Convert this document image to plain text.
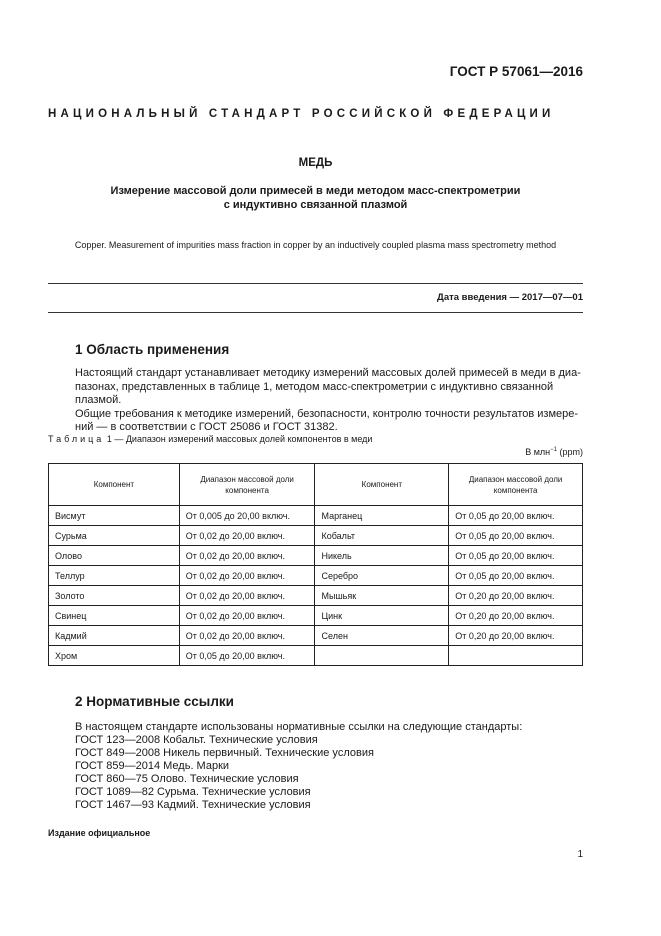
ГОСТ Р 57061—2016
НАЦИОНАЛЬНЫЙ СТАНДАРТ РОССИЙСКОЙ ФЕДЕРАЦИИ
МЕДЬ
Измерение массовой доли примесей в меди методом масс-спектрометрии
с индуктивно связанной плазмой
Copper. Measurement of impurities mass fraction in copper by an inductively coupled plasma mass spectrometry method
Дата введения — 2017—07—01
1 Область применения
Настоящий стандарт устанавливает методику измерений массовых долей примесей в меди в диа-
пазонах, представленных в таблице 1, методом масс-спектрометрии с индуктивно связанной плазмой.
Общие требования к методике измерений, безопасности, контролю точности результатов измере-
ний — в соответствии с ГОСТ 25086 и ГОСТ 31382.
Таблица 1 — Диапазон измерений массовых долей компонентов в меди
В млн$^{-1}$ (ppm)
Компонент	Диапазон массовой доли компонента	Компонент	Диапазон массовой доли компонента
Висмут	От 0,005 до 20,00 включ.	Марганец	От 0,05 до 20,00 включ.
Сурьма	От 0,02 до 20,00 включ.	Кобальт	От 0,05 до 20,00 включ.
Олово	От 0,02 до 20,00 включ.	Никель	От 0,05 до 20,00 включ.
Теллур	От 0,02 до 20,00 включ.	Серебро	От 0,05 до 20,00 включ.
Золото	От 0,02 до 20,00 включ.	Мышьяк	От 0,20 до 20,00 включ.
Свинец	От 0,02 до 20,00 включ.	Цинк	От 0,20 до 20,00 включ.
Кадмий	От 0,02 до 20,00 включ.	Селен	От 0,20 до 20,00 включ.
Хром	От 0,05 до 20,00 включ.		
2 Нормативные ссылки
В настоящем стандарте использованы нормативные ссылки на следующие стандарты:
ГОСТ 123—2008 Кобальт. Технические условия
ГОСТ 849—2008 Никель первичный. Технические условия
ГОСТ 859—2014 Медь. Марки
ГОСТ 860—75 Олово. Технические условия
ГОСТ 1089—82 Сурьма. Технические условия
ГОСТ 1467—93 Кадмий. Технические условия
Издание официальное
1
